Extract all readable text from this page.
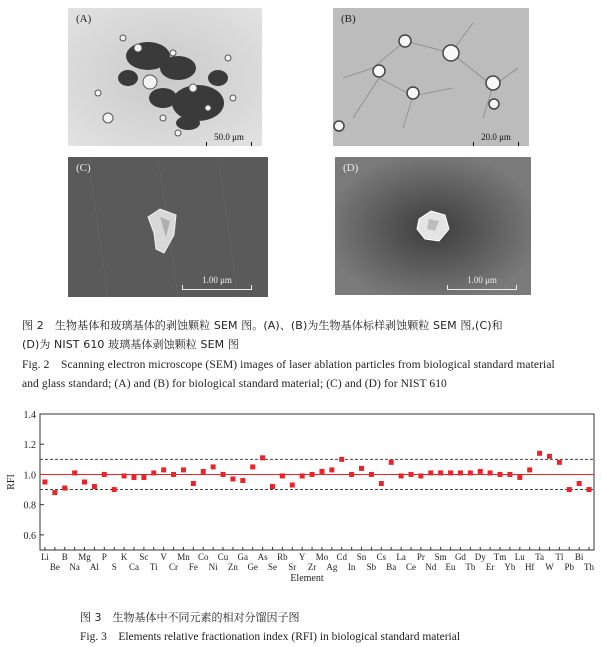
(A)
50.0 μm
(B)
20.0 μm
(C)
1.00 μm
(D)
1.00 μm
图 2　生物基体和玻璃基体的剥蚀颗粒 SEM 图。(A)、(B)为生物基体标样剥蚀颗粒 SEM 图,(C)和
(D)为 NIST 610 玻璃基体剥蚀颗粒 SEM 图
Fig. 2　Scanning electron microscope (SEM) images of laser ablation particles from biological standard material
and glass standard; (A) and (B) for biological standard material; (C) and (D) for NIST 610
0.6
0.8
1.0
1.2
1.4
Li
Be
B
Na
Mg
Al
P
S
K
Ca
Sc
Ti
V
Cr
Mn
Fe
Co
Ni
Cu
Zn
Ga
Ge
As
Se
Rb
Sr
Y
Zr
Mo
Ag
Cd
In
Sn
Sb
Cs
Ba
La
Ce
Pr
Nd
Sm
Eu
Gd
Tb
Dy
Er
Tm
Yb
Lu
Hf
Ta
W
Tl
Pb
Bi
Th
Element
RFI
图 3　生物基体中不同元素的相对分馏因子图
Fig. 3　Elements relative fractionation index (RFI) in biological standard material
